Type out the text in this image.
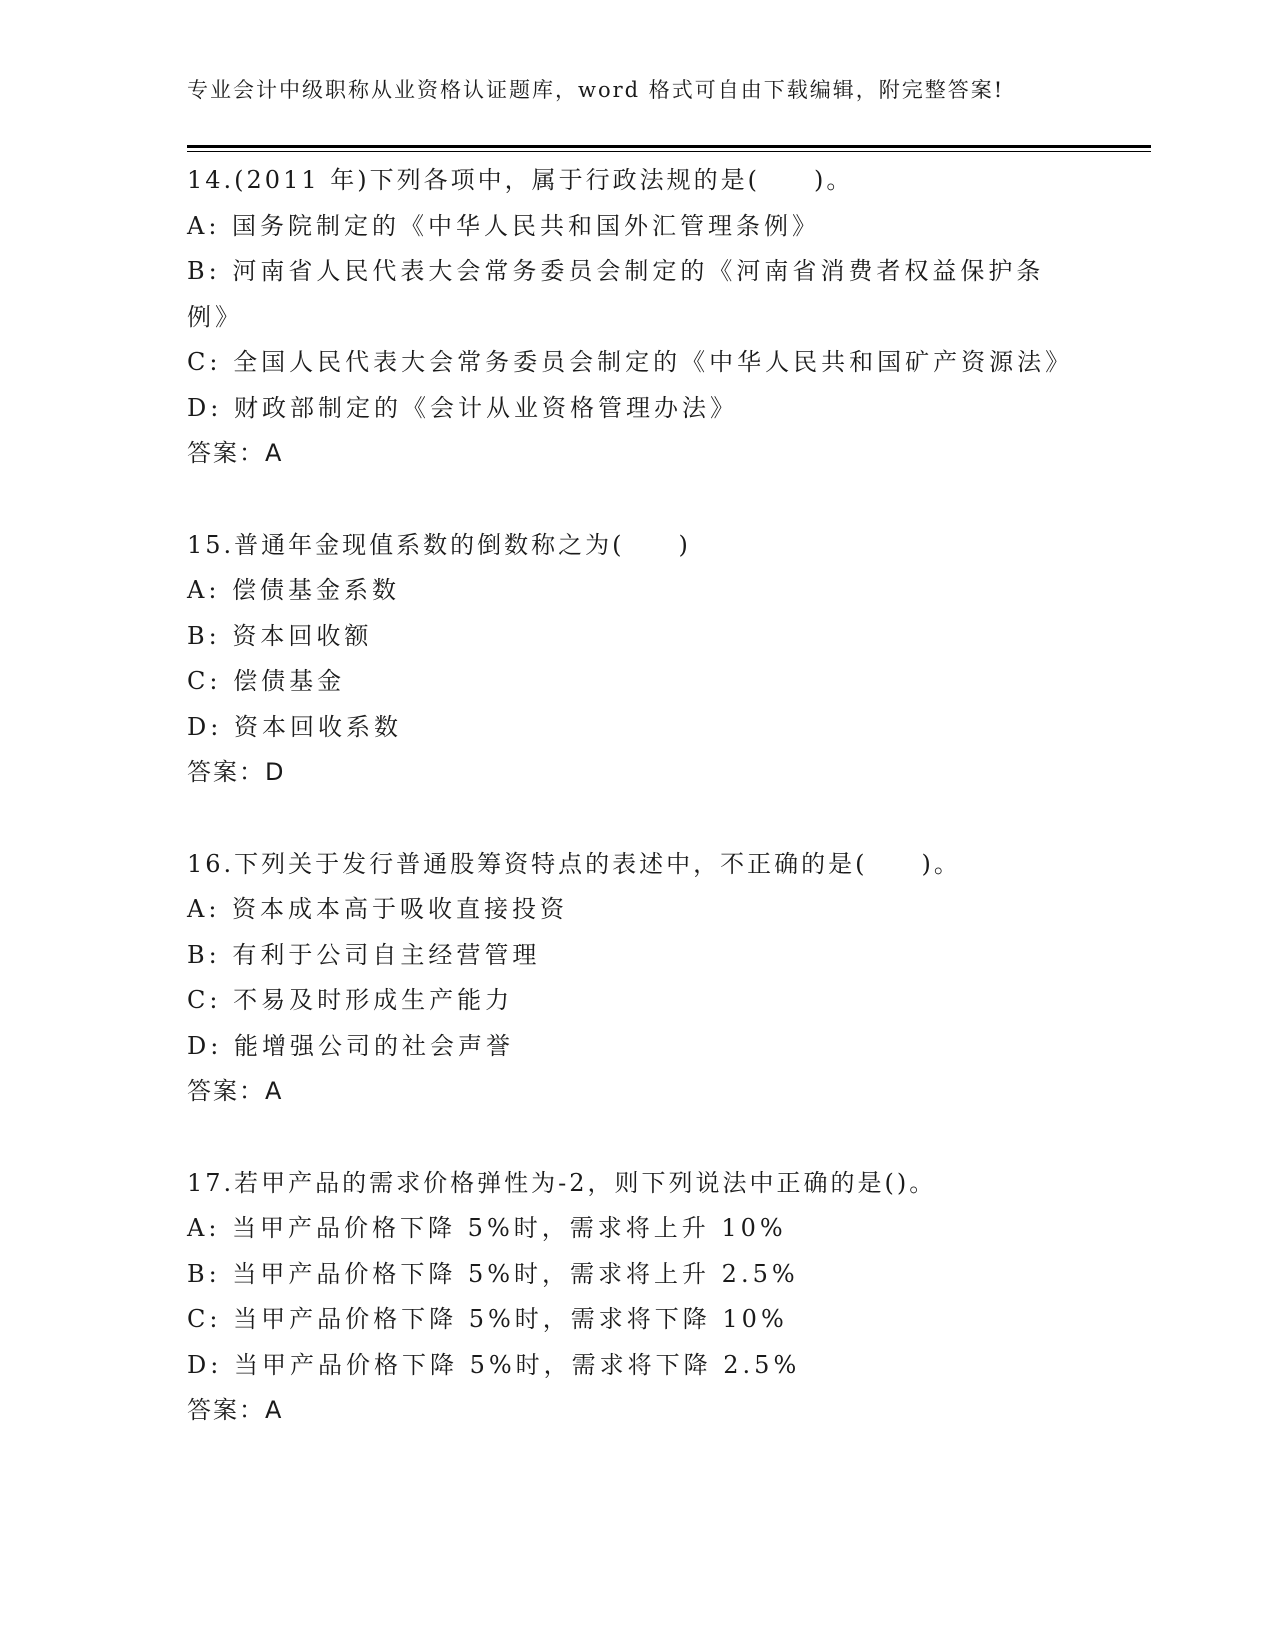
专业会计中级职称从业资格认证题库，word 格式可自由下载编辑，附完整答案!

14.(2011 年)下列各项中，属于行政法规的是(　　)。

A: 国务院制定的《中华人民共和国外汇管理条例》

B: 河南省人民代表大会常务委员会制定的《河南省消费者权益保护条例》

C: 全国人民代表大会常务委员会制定的《中华人民共和国矿产资源法》

D: 财政部制定的《会计从业资格管理办法》

答案：A

15.普通年金现值系数的倒数称之为(　　)

A: 偿债基金系数

B: 资本回收额

C: 偿债基金

D: 资本回收系数

答案：D

16.下列关于发行普通股筹资特点的表述中，不正确的是(　　)。

A: 资本成本高于吸收直接投资

B: 有利于公司自主经营管理

C: 不易及时形成生产能力

D: 能增强公司的社会声誉

答案：A

17.若甲产品的需求价格弹性为-2，则下列说法中正确的是()。

A: 当甲产品价格下降 5%时，需求将上升 10%

B: 当甲产品价格下降 5%时，需求将上升 2.5%

C: 当甲产品价格下降 5%时，需求将下降 10%

D: 当甲产品价格下降 5%时，需求将下降 2.5%

答案：A
